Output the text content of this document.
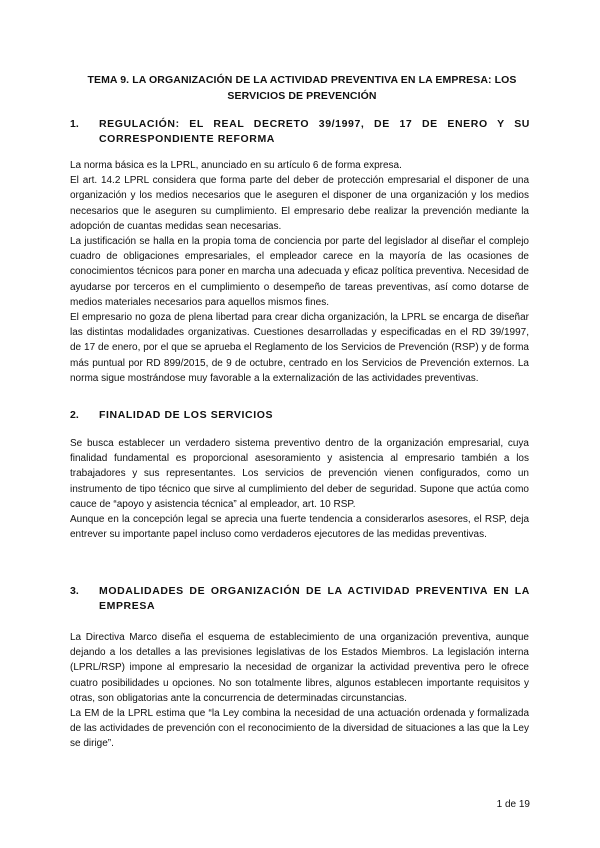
TEMA 9. LA ORGANIZACIÓN DE LA ACTIVIDAD PREVENTIVA EN LA EMPRESA: LOS SERVICIOS DE PREVENCIÓN
1. REGULACIÓN: EL REAL DECRETO 39/1997, DE 17 DE ENERO Y SU CORRESPONDIENTE REFORMA

La norma básica es la LPRL, anunciado en su artículo 6 de forma expresa.

El art. 14.2 LPRL considera que forma parte del deber de protección empresarial el disponer de una organización y los medios necesarios que le aseguren el disponer de una organización y los medios necesarios que le aseguren su cumplimiento. El empresario debe realizar la prevención mediante la adopción de cuantas medidas sean necesarias.

La justificación se halla en la propia toma de conciencia por parte del legislador al diseñar el complejo cuadro de obligaciones empresariales, el empleador carece en la mayoría de las ocasiones de conocimientos técnicos para poner en marcha una adecuada y eficaz política preventiva. Necesidad de ayudarse por terceros en el cumplimiento o desempeño de tareas preventivas, así como dotarse de medios materiales necesarios para aquellos mismos fines.

El empresario no goza de plena libertad para crear dicha organización, la LPRL se encarga de diseñar las distintas modalidades organizativas. Cuestiones desarrolladas y especificadas en el RD 39/1997, de 17 de enero, por el que se aprueba el Reglamento de los Servicios de Prevención (RSP) y de forma más puntual por RD 899/2015, de 9 de octubre, centrado en los Servicios de Prevención externos. La norma sigue mostrándose muy favorable a la externalización de las actividades preventivas.

2. FINALIDAD DE LOS SERVICIOS

Se busca establecer un verdadero sistema preventivo dentro de la organización empresarial, cuya finalidad fundamental es proporcional asesoramiento y asistencia al empresario también a los trabajadores y sus representantes. Los servicios de prevención vienen configurados, como un instrumento de tipo técnico que sirve al cumplimiento del deber de seguridad. Supone que actúa como cauce de “apoyo y asistencia técnica” al empleador, art. 10 RSP.

Aunque en la concepción legal se aprecia una fuerte tendencia a considerarlos asesores, el RSP, deja entrever su importante papel incluso como verdaderos ejecutores de las medidas preventivas.

3. MODALIDADES DE ORGANIZACIÓN DE LA ACTIVIDAD PREVENTIVA EN LA EMPRESA

La Directiva Marco diseña el esquema de establecimiento de una organización preventiva, aunque dejando a los detalles a las previsiones legislativas de los Estados Miembros. La legislación interna (LPRL/RSP) impone al empresario la necesidad de organizar la actividad preventiva pero le ofrece cuatro posibilidades u opciones. No son totalmente libres, algunos establecen importante requisitos y otras, son obligatorias ante la concurrencia de determinadas circunstancias.

La EM de la LPRL estima que “la Ley combina la necesidad de una actuación ordenada y formalizada de las actividades de prevención con el reconocimiento de la diversidad de situaciones a las que la Ley se dirige”.

1 de 19
